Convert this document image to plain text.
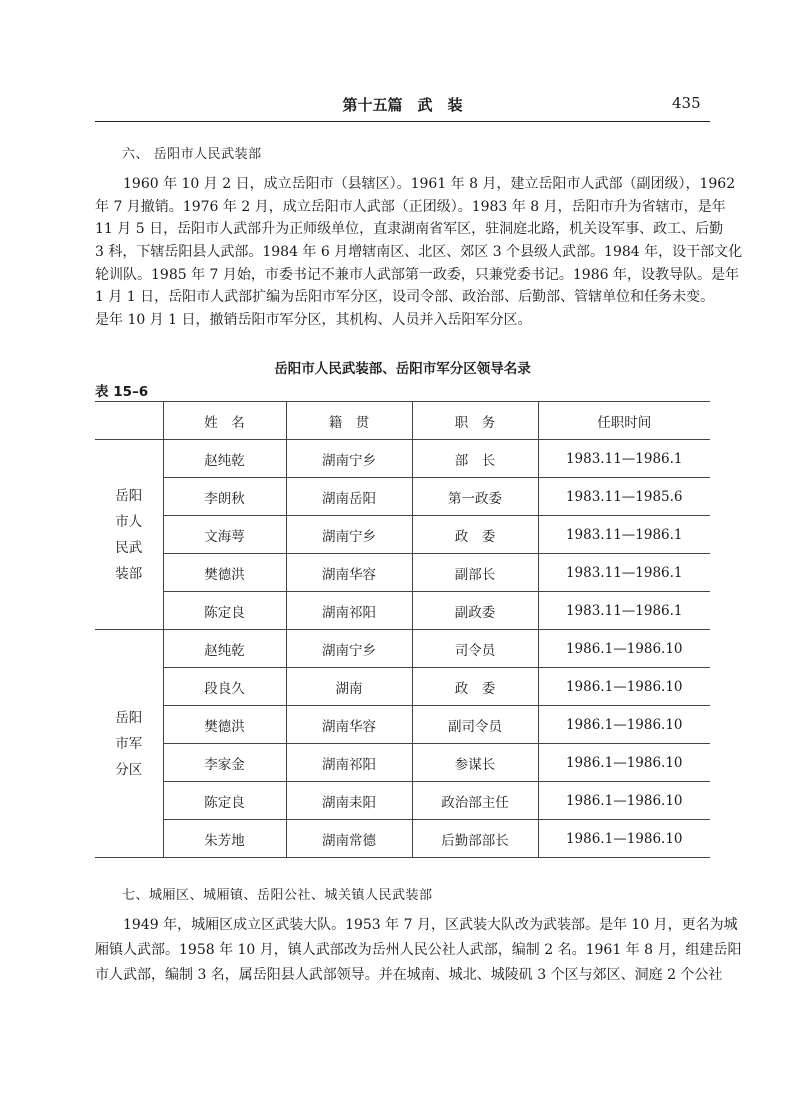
第十五篇　武　装	435
六、 岳阳市人民武装部
1960 年 10 月 2 日，成立岳阳市（县辖区）。1961 年 8 月，建立岳阳市人武部（副团级），1962
年 7 月撤销。1976 年 2 月，成立岳阳市人武部（正团级）。1983 年 8 月，岳阳市升为省辖市，是年
11 月 5 日，岳阳市人武部升为正师级单位，直隶湖南省军区，驻洞庭北路，机关设军事、政工、后勤
3 科，下辖岳阳县人武部。1984 年 6 月增辖南区、北区、郊区 3 个县级人武部。1984 年，设干部文化
轮训队。1985 年 7 月始，市委书记不兼市人武部第一政委，只兼党委书记。1986 年，设教导队。是年
1 月 1 日，岳阳市人武部扩编为岳阳市军分区，设司令部、政治部、后勤部、管辖单位和任务未变。
是年 10 月 1 日，撤销岳阳市军分区，其机构、人员并入岳阳军分区。
岳阳市人民武装部、岳阳市军分区领导名录
表 15–6
	姓　名	籍　贯	职　务	任职时间

岳阳
市人
民武
装部	赵纯乾	湖南宁乡	部　长	1983.11—1986.1
	李朗秋	湖南岳阳	第一政委	1983.11—1985.6
	文海萼	湖南宁乡	政　委	1983.11—1986.1
	樊德洪	湖南华容	副部长	1983.11—1986.1
	陈定良	湖南祁阳	副政委	1983.11—1986.1

岳阳
市军
分区	赵纯乾	湖南宁乡	司令员	1986.1—1986.10
	段良久	湖南	政　委	1986.1—1986.10
	樊德洪	湖南华容	副司令员	1986.1—1986.10
	李家金	湖南祁阳	参谋长	1986.1—1986.10
	陈定良	湖南耒阳	政治部主任	1986.1—1986.10
	朱芳地	湖南常德	后勤部部长	1986.1—1986.10
七、城厢区、城厢镇、岳阳公社、城关镇人民武装部
1949 年，城厢区成立区武装大队。1953 年 7 月，区武装大队改为武装部。是年 10 月，更名为城
厢镇人武部。1958 年 10 月，镇人武部改为岳州人民公社人武部，编制 2 名。1961 年 8 月，组建岳阳
市人武部，编制 3 名，属岳阳县人武部领导。并在城南、城北、城陵矶 3 个区与郊区、洞庭 2 个公社
